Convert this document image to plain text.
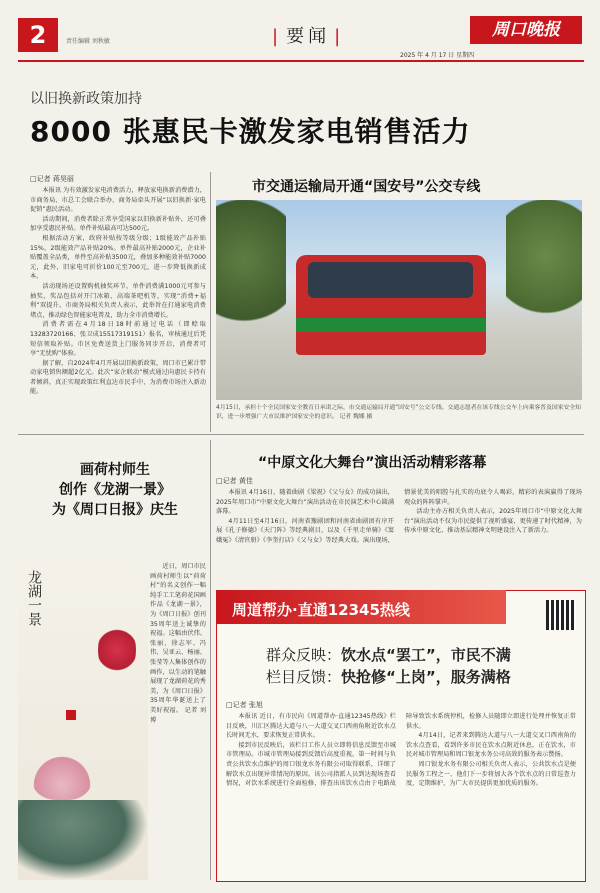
2	责任编辑 刘秋敏	| 要闻 |	周口晚报
2025 年 4 月 17 日 星期四
以旧换新政策加持
8000 张惠民卡激发家电销售活力
□记者 蒋昊丽

本报讯 为有效激发家电消费活力，释放家电换新消费潜力，市商务局、市总工会联合举办，商务局牵头开展“以旧换新·家电促销”惠民活动。

活动期间，消费者除正常享受国家以旧换新补贴外，还可叠加享受惠民补贴。单件补贴最高可达500元。

根据活动方案，政府补贴按等级分级；1级能效产品补贴15%，2级能效产品补贴20%。单件最高补贴2000元，企业补贴覆盖全品类，单件至高补贴3500元，叠加多种能效补贴7000元，此外，旧家电可折价100元至700元，进一步降低换新成本。

活动现场还设置购机抽奖环节，单件消费满1000元可参与抽奖，奖品包括对开门冰箱、高端茶吧机等，实现“消费+福利”双提升。市商务局相关负责人表示，此举旨在打通家电消费堵点，推动绿色智能家电普及，助力全市消费增长。

消费者需在4月18日18时前通过电话（即赊取13283720166、张卫成15517319151）报名，审核通过后凭短信领取补贴。市区免费送货上门服务同步开启，消费者可享“无忧购”体验。

据了解，自2024年4月开展以旧换新政策，周口市已累计带动家电销售额超2亿元。此次“家企联动”模式通过向惠民卡持有者倾斜，真正实现政策红利直达市民手中，为消费市场注入新动能。

市交通运输局开通“国安号”公交专线
4月15日，承担十个全民国家安全教育日承诺之际，市交通运输局开通“国安号”公交专线。交通志愿者在该专线公交车上向乘客普及国家安全知识，进一步增强广大市民维护国家安全的意识。 记者 魏娜 摄
画荷村师生
创作《龙湖一景》
为《周口日报》庆生
龙湖一景

近日，周口市民画荷村师生以“荷荷村”的名义创作一幅纯手工工笔荷花国画作品《龙湖一景》，为《周口日报》创刊35周年送上诚挚的祝福。这幅由伏伟、张丽、徐志军、冯伟、吴亚云、杨丽、张莹等人集体创作的画作，以生动的笔触展现了龙湖荷花的秀美，为《周口日报》35周年华诞送上了美好祝福。 记者 刘博

“中原文化大舞台”演出活动精彩落幕
□记者 黄佳

本报讯 4月16日，随着曲剧《梁祝》《父与女》的成功演出，2025年周口市“中原文化大舞台”演出活动在市民演艺术中心圆满落幕。

4月11日至4月16日，河南省豫剧团和河南省曲剧团有序开展《孔子修德》《天门阵》等经典剧目，以及《千里走单骑》《窦娥冤》《清官册》《李奎打店》《父与女》等经典大戏。演出现场，情景优美的唱腔与扎实的功底令人喝彩，精彩的表演赢得了现场观众的阵阵掌声。

活动主办方相关负责人表示，2025年周口市“中原文化大舞台”演出活动不仅为市民提供了视听盛宴，更传递了时代精神，为传承中原文化、推动基层精神文明建设注入了新活力。

周道帮办·直通12345热线
群众反映：饮水点“罢工”，市民不满
栏目反馈：快抢修“上岗”，服务满格
□记者 张旭

本报讯 近日，有市民向《周道帮办·直通12345热线》栏目反映，川汇区腾达大道与八一大道交叉口西南角附近饮水点长时间无水，要求恢复正常供水。

接到市民反映后，该栏目工作人员立即将信息反馈至市城市管理局。市城市管理局接到反馈后高度重视，第一时间与负责公共饮水点维护的周口银龙水务有限公司取得联系，详细了解饮水点出现异常情况的原因。该公司指派人员到达现场查看情况，对饮水系统进行全面检修，排查出该饮水点由于电路故障导致饮水系统停机，检修人员随即立即进行处理并恢复正常供水。

4月14日，记者来到腾达大道与八一大道交叉口西南角的饮水点查看，看到许多市民在饮水点附近休息，正在饮水，市民对城市管理局和周口银龙水务公司高效的服务表示赞扬。

周口银龙水务有限公司相关负责人表示，公共饮水点是便民服务工程之一，他们下一步将加大各个饮水点的日常巡查力度，定期维护，为广大市民提供更加优质的服务。
